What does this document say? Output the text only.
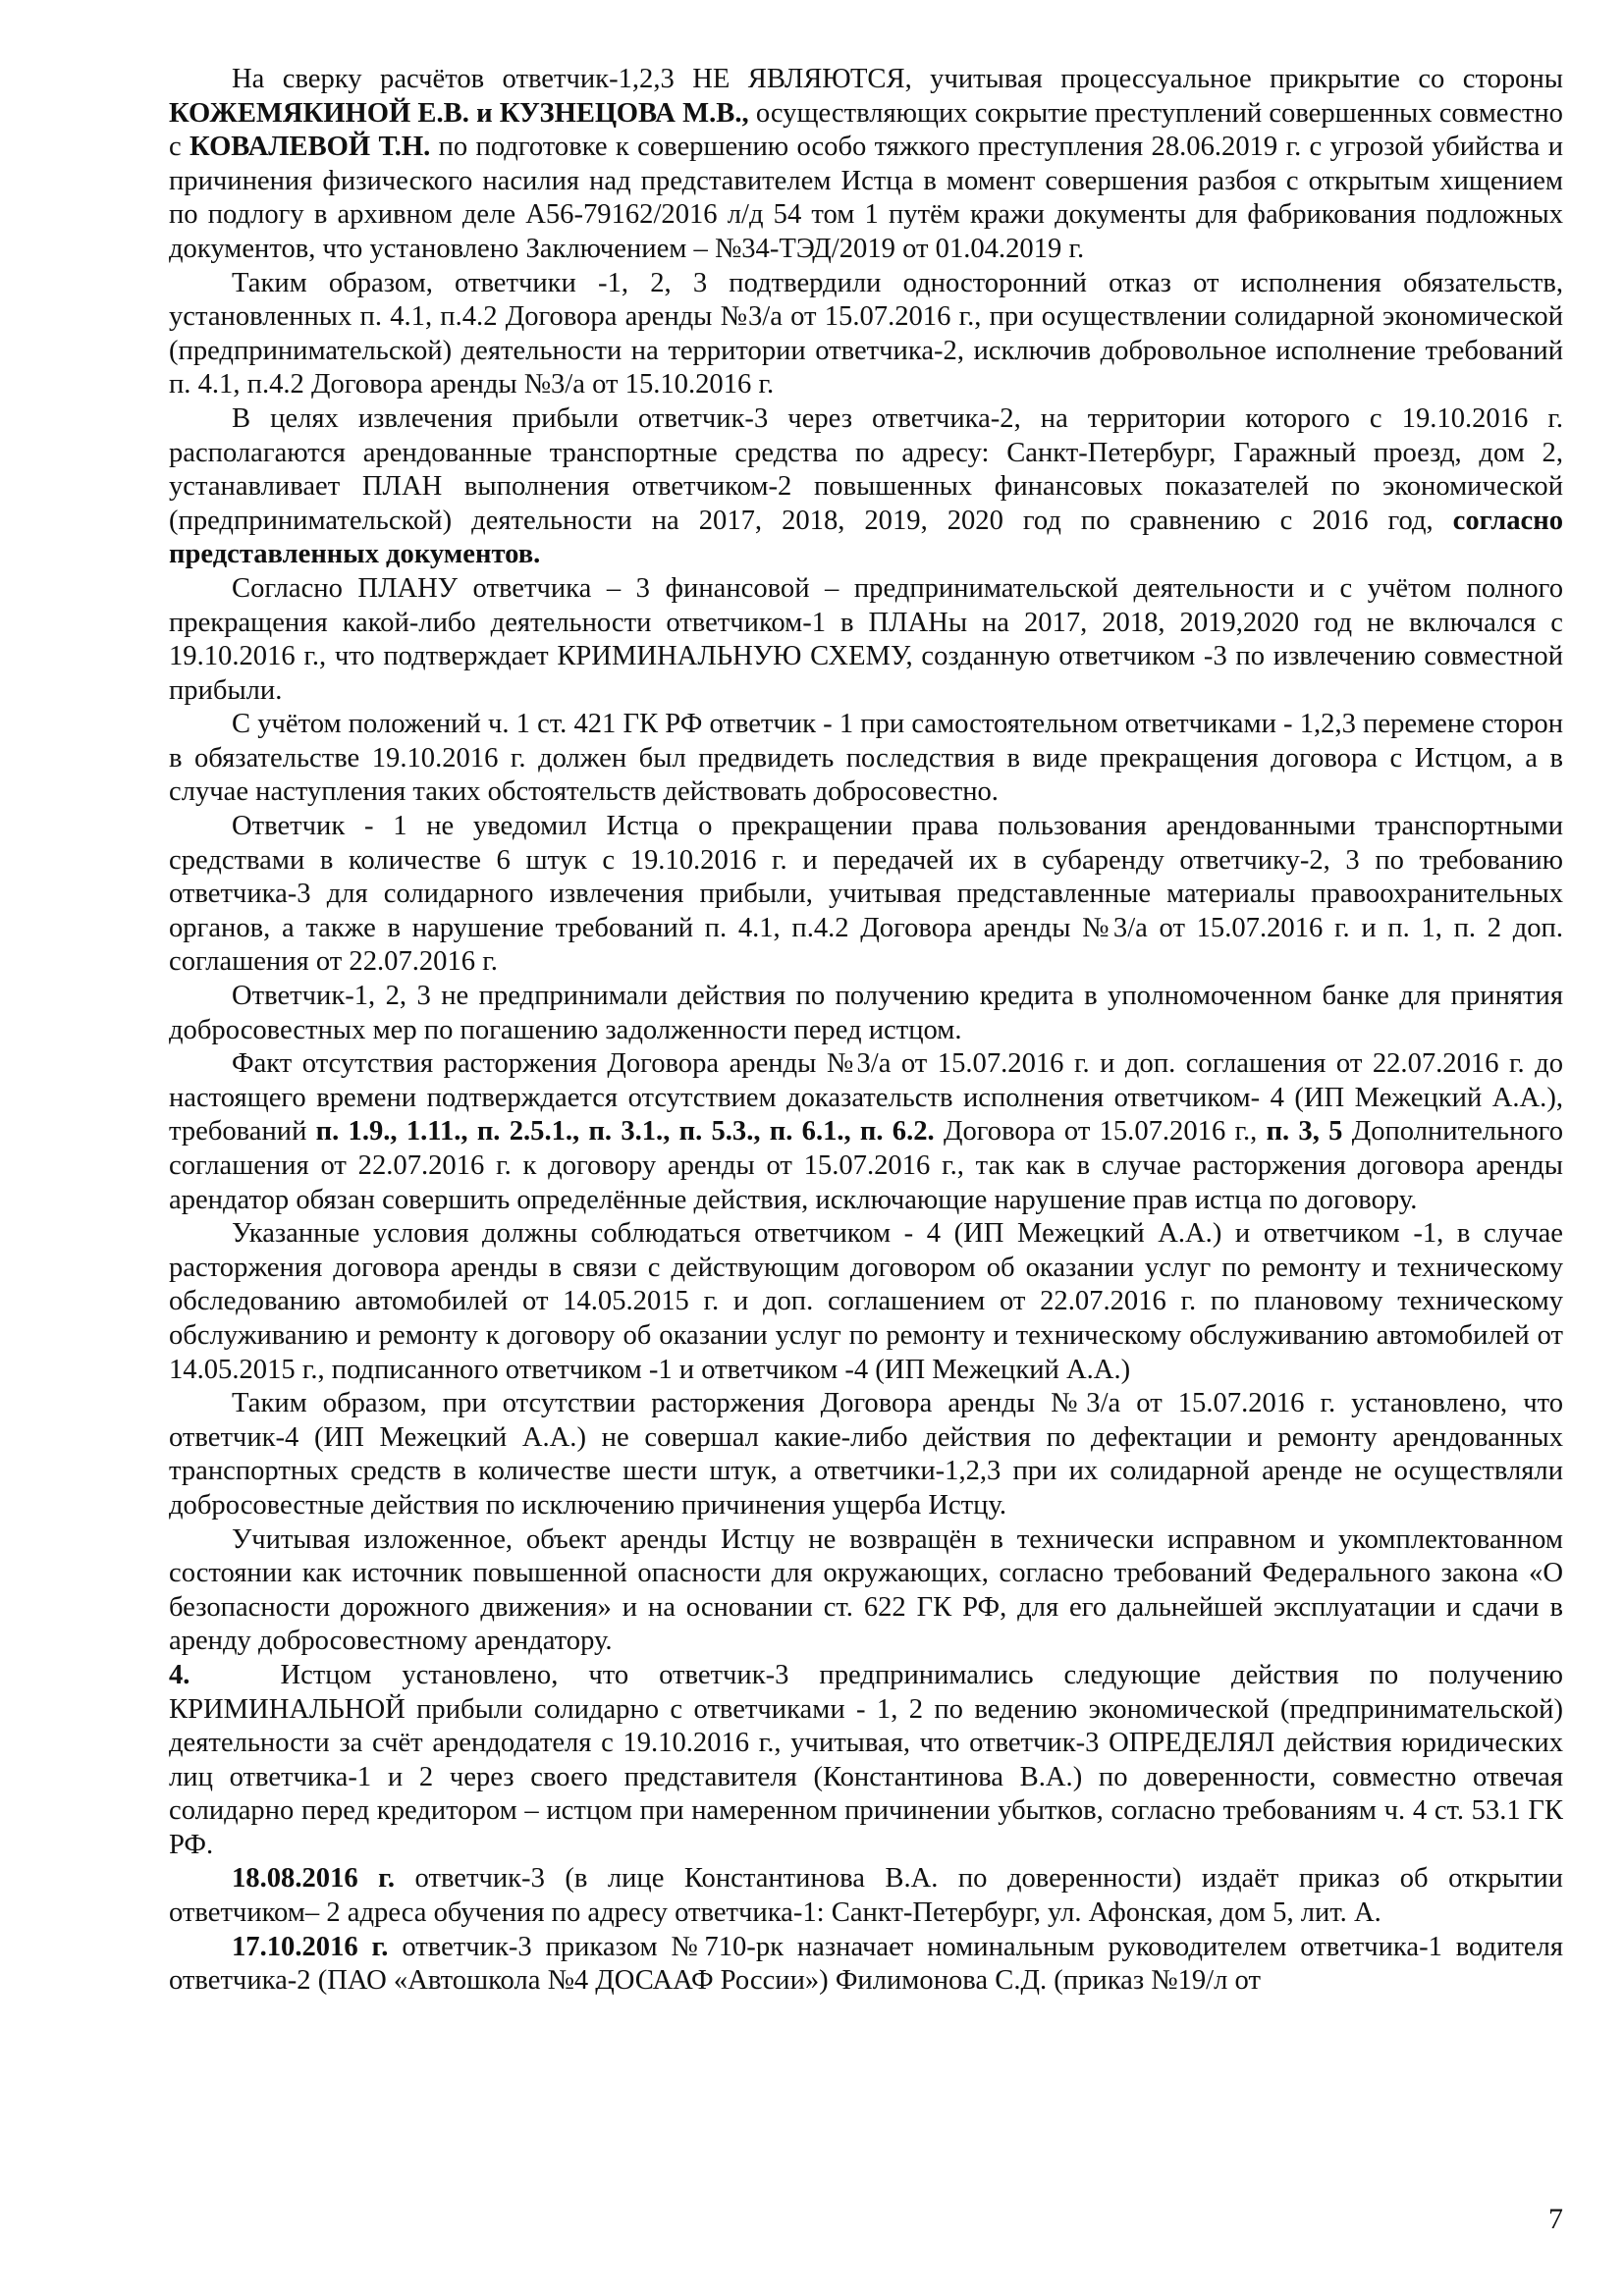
На сверку расчётов ответчик-1,2,3 НЕ ЯВЛЯЮТСЯ, учитывая процессуальное прикрытие со стороны КОЖЕМЯКИНОЙ Е.В. и КУЗНЕЦОВА М.В., осуществляющих сокрытие преступлений совершенных совместно с КОВАЛЕВОЙ Т.Н. по подготовке к совершению особо тяжкого преступления 28.06.2019 г. с угрозой убийства и причинения физического насилия над представителем Истца в момент совершения разбоя с открытым хищением по подлогу в архивном деле А56-79162/2016 л/д 54 том 1 путём кражи документы для фабрикования подложных документов, что установлено Заключением – №34-ТЭД/2019 от 01.04.2019 г.

Таким образом, ответчики -1, 2, 3 подтвердили односторонний отказ от исполнения обязательств, установленных п. 4.1, п.4.2 Договора аренды №3/а от 15.07.2016 г., при осуществлении солидарной экономической (предпринимательской) деятельности на территории ответчика-2, исключив добровольное исполнение требований п. 4.1, п.4.2 Договора аренды №3/а от 15.10.2016 г.

В целях извлечения прибыли ответчик-3 через ответчика-2, на территории которого с 19.10.2016 г. располагаются арендованные транспортные средства по адресу: Санкт-Петербург, Гаражный проезд, дом 2, устанавливает ПЛАН выполнения ответчиком-2 повышенных финансовых показателей по экономической (предпринимательской) деятельности на 2017, 2018, 2019, 2020 год по сравнению с 2016 год, согласно представленных документов.

Согласно ПЛАНУ ответчика – 3 финансовой – предпринимательской деятельности и с учётом полного прекращения какой-либо деятельности ответчиком-1 в ПЛАНы на 2017, 2018, 2019,2020 год не включался с 19.10.2016 г., что подтверждает КРИМИНАЛЬНУЮ СХЕМУ, созданную ответчиком -3 по извлечению совместной прибыли.

С учётом положений ч. 1 ст. 421 ГК РФ ответчик - 1 при самостоятельном ответчиками - 1,2,3 перемене сторон в обязательстве 19.10.2016 г. должен был предвидеть последствия в виде прекращения договора с Истцом, а в случае наступления таких обстоятельств действовать добросовестно.

Ответчик - 1 не уведомил Истца о прекращении права пользования арендованными транспортными средствами в количестве 6 штук с 19.10.2016 г. и передачей их в субаренду ответчику-2, 3 по требованию ответчика-3 для солидарного извлечения прибыли, учитывая представленные материалы правоохранительных органов, а также в нарушение требований п. 4.1, п.4.2 Договора аренды №3/а от 15.07.2016 г. и п. 1, п. 2 доп. соглашения от 22.07.2016 г.

Ответчик-1, 2, 3 не предпринимали действия по получению кредита в уполномоченном банке для принятия добросовестных мер по погашению задолженности перед истцом.

Факт отсутствия расторжения Договора аренды №3/а от 15.07.2016 г. и доп. соглашения от 22.07.2016 г. до настоящего времени подтверждается отсутствием доказательств исполнения ответчиком- 4 (ИП Межецкий А.А.), требований п. 1.9., 1.11., п. 2.5.1., п. 3.1., п. 5.3., п. 6.1., п. 6.2. Договора от 15.07.2016 г., п. 3, 5 Дополнительного соглашения от 22.07.2016 г. к договору аренды от 15.07.2016 г., так как в случае расторжения договора аренды арендатор обязан совершить определённые действия, исключающие нарушение прав истца по договору.

Указанные условия должны соблюдаться ответчиком - 4 (ИП Межецкий А.А.) и ответчиком -1, в случае расторжения договора аренды в связи с действующим договором об оказании услуг по ремонту и техническому обследованию автомобилей от 14.05.2015 г. и доп. соглашением от 22.07.2016 г. по плановому техническому обслуживанию и ремонту к договору об оказании услуг по ремонту и техническому обслуживанию автомобилей от 14.05.2015 г., подписанного ответчиком -1 и ответчиком -4 (ИП Межецкий А.А.)

Таким образом, при отсутствии расторжения Договора аренды №3/а от 15.07.2016 г. установлено, что ответчик-4 (ИП Межецкий А.А.) не совершал какие-либо действия по дефектации и ремонту арендованных транспортных средств в количестве шести штук, а ответчики-1,2,3 при их солидарной аренде не осуществляли добросовестные действия по исключению причинения ущерба Истцу.

Учитывая изложенное, объект аренды Истцу не возвращён в технически исправном и укомплектованном состоянии как источник повышенной опасности для окружающих, согласно требований Федерального закона «О безопасности дорожного движения» и на основании ст. 622 ГК РФ, для его дальнейшей эксплуатации и сдачи в аренду добросовестному арендатору.

4.	Истцом установлено, что ответчик-3 предпринимались следующие действия по получению КРИМИНАЛЬНОЙ прибыли солидарно с ответчиками - 1, 2 по ведению экономической (предпринимательской) деятельности за счёт арендодателя с 19.10.2016 г., учитывая, что ответчик-3 ОПРЕДЕЛЯЛ действия юридических лиц ответчика-1 и 2 через своего представителя (Константинова В.А.) по доверенности, совместно отвечая солидарно перед кредитором – истцом при намеренном причинении убытков, согласно требованиям ч. 4 ст. 53.1 ГК РФ.

18.08.2016 г. ответчик-3 (в лице Константинова В.А. по доверенности) издаёт приказ об открытии ответчиком– 2 адреса обучения по адресу ответчика-1: Санкт-Петербург, ул. Афонская, дом 5, лит. А.

17.10.2016 г. ответчик-3 приказом №710-рк назначает номинальным руководителем ответчика-1 водителя ответчика-2 (ПАО «Автошкола №4 ДОСААФ России») Филимонова С.Д. (приказ №19/л от

7
